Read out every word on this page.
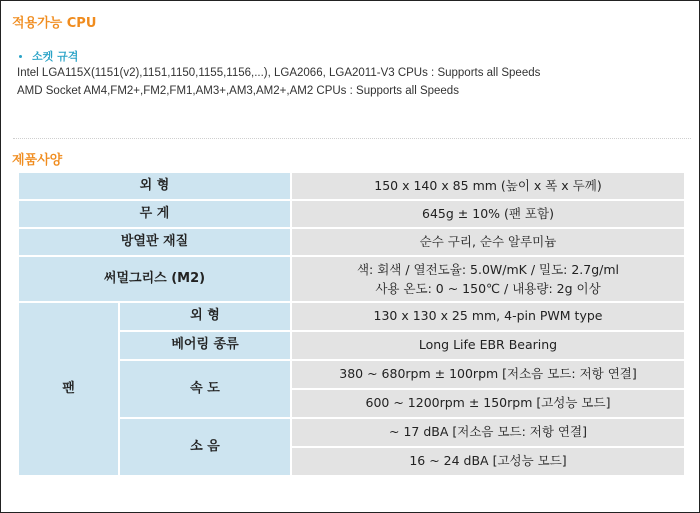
적용가능 CPU
소켓 규격
Intel LGA115X(1151(v2),1151,1150,1155,1156,...), LGA2066, LGA2011-V3 CPUs : Supports all Speeds
AMD Socket AM4,FM2+,FM2,FM1,AM3+,AM3,AM2+,AM2 CPUs : Supports all Speeds
제품사양
외 형		150 x 140 x 85 mm (높이 x 폭 x 두께)
무 게		645g ± 10% (팬 포함)
방열판 재질		순수 구리, 순수 알루미늄
써멀그리스 (M2)		색: 회색 / 열전도율: 5.0W/mK / 밀도: 2.7g/ml
사용 온도: 0 ~ 150℃ / 내용량: 2g 이상

팬	외 형	130 x 130 x 25 mm, 4-pin PWM type
	베어링 종류	Long Life EBR Bearing
	속 도	380 ~ 680rpm ± 100rpm [저소음 모드: 저항 연결]
		600 ~ 1200rpm ± 150rpm [고성능 모드]
	소 음	~ 17 dBA [저소음 모드: 저항 연결]
		16 ~ 24 dBA [고성능 모드]
